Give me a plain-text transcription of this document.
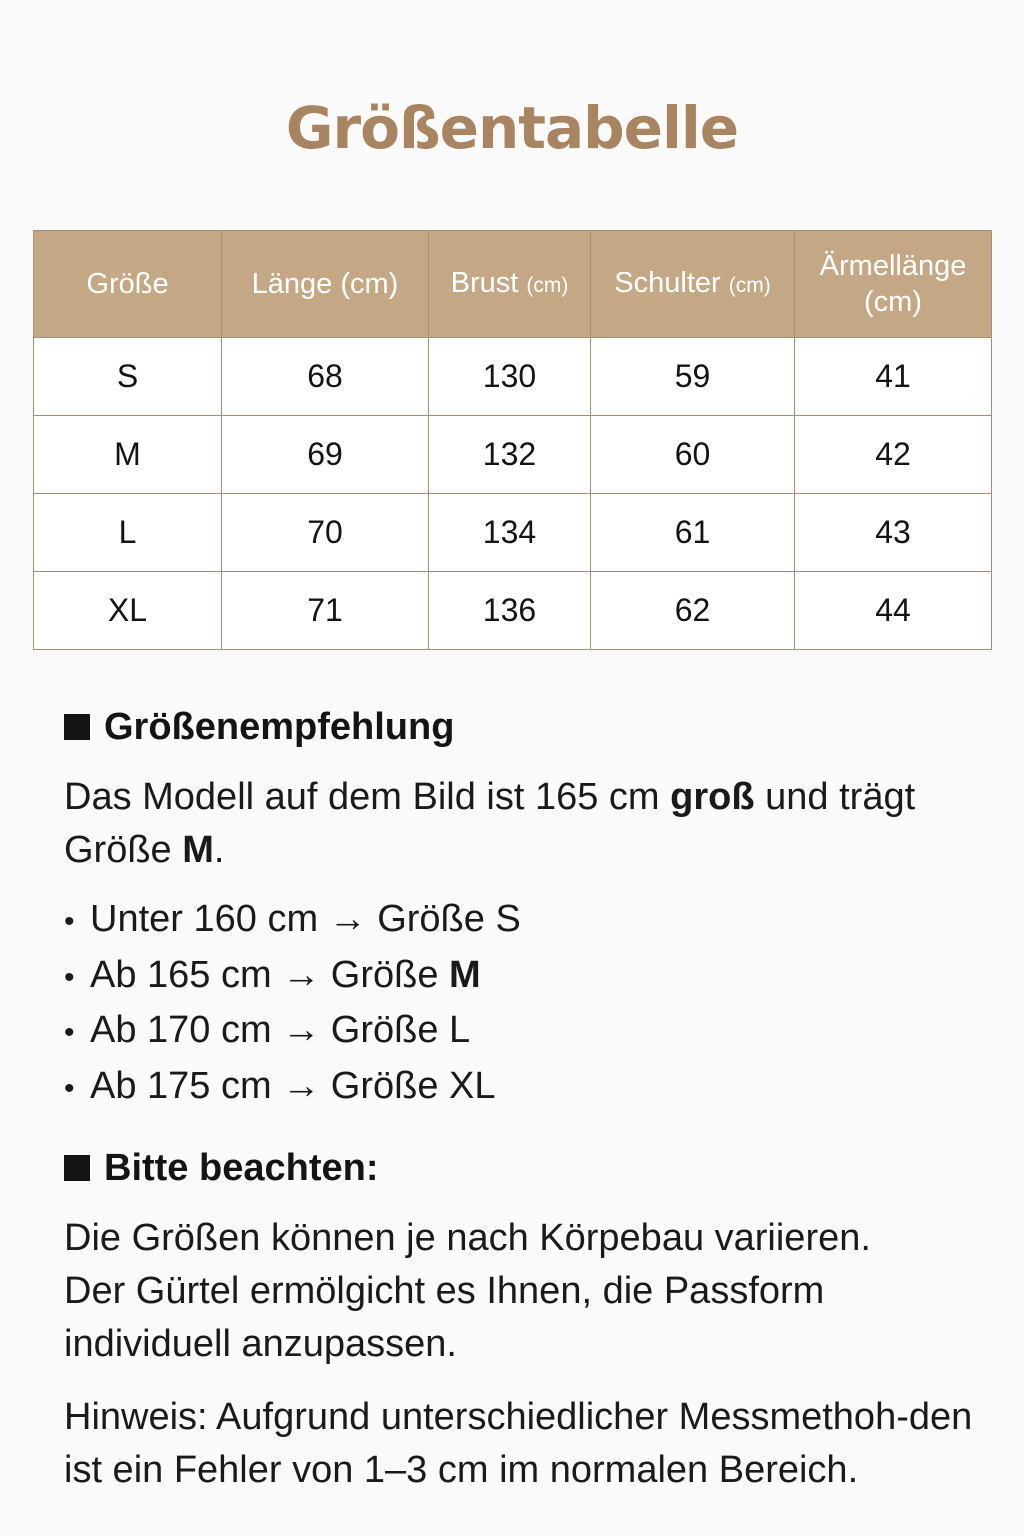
Größentabelle
Größe	Länge (cm)	Brust (cm)	Schulter (cm)	Ärmellänge
(cm)
S	68	130	59	41
M	69	132	60	42
L	70	134	61	43
XL	71	136	62	44
Größenempfehlung

Das Modell auf dem Bild ist 165 cm groß und trägt Größe M.

• Unter 160 cm → Größe S
• Ab 165 cm → Größe M
• Ab 170 cm → Größe L
• Ab 175 cm → Größe XL
Bitte beachten:

Die Größen können je nach Körpebau variieren. Der Gürtel ermölgicht es Ihnen, die Passform individuell anzupassen.

Hinweis: Aufgrund unterschiedlicher Messmethoh-den ist ein Fehler von 1–3 cm im normalen Bereich.
